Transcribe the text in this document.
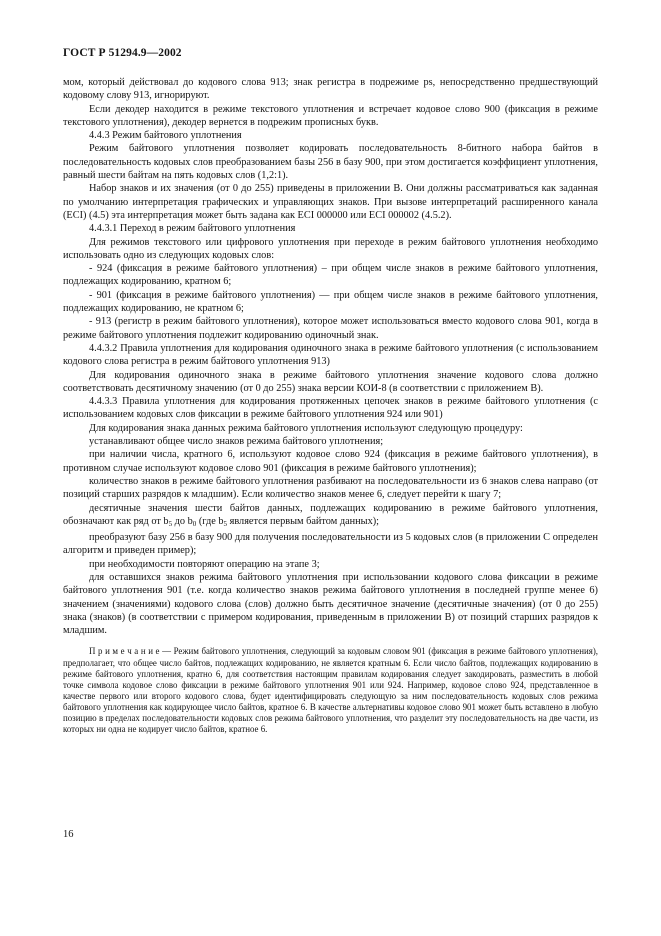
ГОСТ Р 51294.9—2002

мом, который действовал до кодового слова 913; знак регистра в подрежиме ps, непосредственно предшествующий кодовому слову 913, игнорируют.

Если декодер находится в режиме текстового уплотнения и встречает кодовое слово 900 (фиксация в режиме текстового уплотнения), декодер вернется в подрежим прописных букв.

4.4.3 Режим байтового уплотнения

Режим байтового уплотнения позволяет кодировать последовательность 8-битного набора байтов в последовательность кодовых слов преобразованием базы 256 в базу 900, при этом достигается коэффициент уплотнения, равный шести байтам на пять кодовых слов (1,2:1).

Набор знаков и их значения (от 0 до 255) приведены в приложении В. Они должны рассматриваться как заданная по умолчанию интерпретация графических и управляющих знаков. При вызове интерпретаций расширенного канала (ECI) (4.5) эта интерпретация может быть задана как ECI 000000 или ECI 000002 (4.5.2).

4.4.3.1 Переход в режим байтового уплотнения

Для режимов текстового или цифрового уплотнения при переходе в режим байтового уплотнения необходимо использовать одно из следующих кодовых слов:

- 924 (фиксация в режиме байтового уплотнения) – при общем числе знаков в режиме байтового уплотнения, подлежащих кодированию, кратном 6;

- 901 (фиксация в режиме байтового уплотнения) — при общем числе знаков в режиме байтового уплотнения, подлежащих кодированию, не кратном 6;

- 913 (регистр в режим байтового уплотнения), которое может использоваться вместо кодового слова 901, когда в режиме байтового уплотнения подлежит кодированию одиночный знак.

4.4.3.2 Правила уплотнения для кодирования одиночного знака в режиме байтового уплотнения (с использованием кодового слова регистра в режим байтового уплотнения 913)

Для кодирования одиночного знака в режиме байтового уплотнения значение кодового слова должно соответствовать десятичному значению (от 0 до 255) знака версии КОИ-8 (в соответствии с приложением В).

4.4.3.3 Правила уплотнения для кодирования протяженных цепочек знаков в режиме байтового уплотнения (с использованием кодовых слов фиксации в режиме байтового уплотнения 924 или 901)

Для кодирования знака данных режима байтового уплотнения используют следующую процедуру:

устанавливают общее число знаков режима байтового уплотнения;

при наличии числа, кратного 6, используют кодовое слово 924 (фиксация в режиме байтового уплотнения), в противном случае используют кодовое слово 901 (фиксация в режиме байтового уплотнения);

количество знаков в режиме байтового уплотнения разбивают на последовательности из 6 знаков слева направо (от позиций старших разрядов к младшим). Если количество знаков менее 6, следует перейти к шагу 7;

десятичные значения шести байтов данных, подлежащих кодированию в режиме байтового уплотнения, обозначают как ряд от $b_5$ до $b_0$ (где $b_5$ является первым байтом данных);

преобразуют базу 256 в базу 900 для получения последовательности из 5 кодовых слов (в приложении С определен алгоритм и приведен пример);

при необходимости повторяют операцию на этапе 3;

для оставшихся знаков режима байтового уплотнения при использовании кодового слова фиксации в режиме байтового уплотнения 901 (т.е. когда количество знаков режима байтового уплотнения в последней группе менее 6) значением (значениями) кодового слова (слов) должно быть десятичное значение (десятичные значения) (от 0 до 255) знака (знаков) (в соответствии с примером кодирования, приведенным в приложении В) от позиций старших разрядов к младшим.

П р и м е ч а н и е — Режим байтового уплотнения, следующий за кодовым словом 901 (фиксация в режиме байтового уплотнения), предполагает, что общее число байтов, подлежащих кодированию, не является кратным 6. Если число байтов, подлежащих кодированию в режиме байтового уплотнения, кратно 6, для соответствия настоящим правилам кодирования следует закодировать, разместить в любой точке символа кодовое слово фиксации в режиме байтового уплотнения 901 или 924. Например, кодовое слово 924, представленное в качестве первого или второго кодового слова, будет идентифицировать следующую за ним последовательность кодовых слов режима байтового уплотнения как кодирующее число байтов, кратное 6. В качестве альтернативы кодовое слово 901 может быть вставлено в любую позицию в пределах последовательности кодовых слов режима байтового уплотнения, что разделит эту последовательность на две части, из которых ни одна не кодирует число байтов, кратное 6.

16
